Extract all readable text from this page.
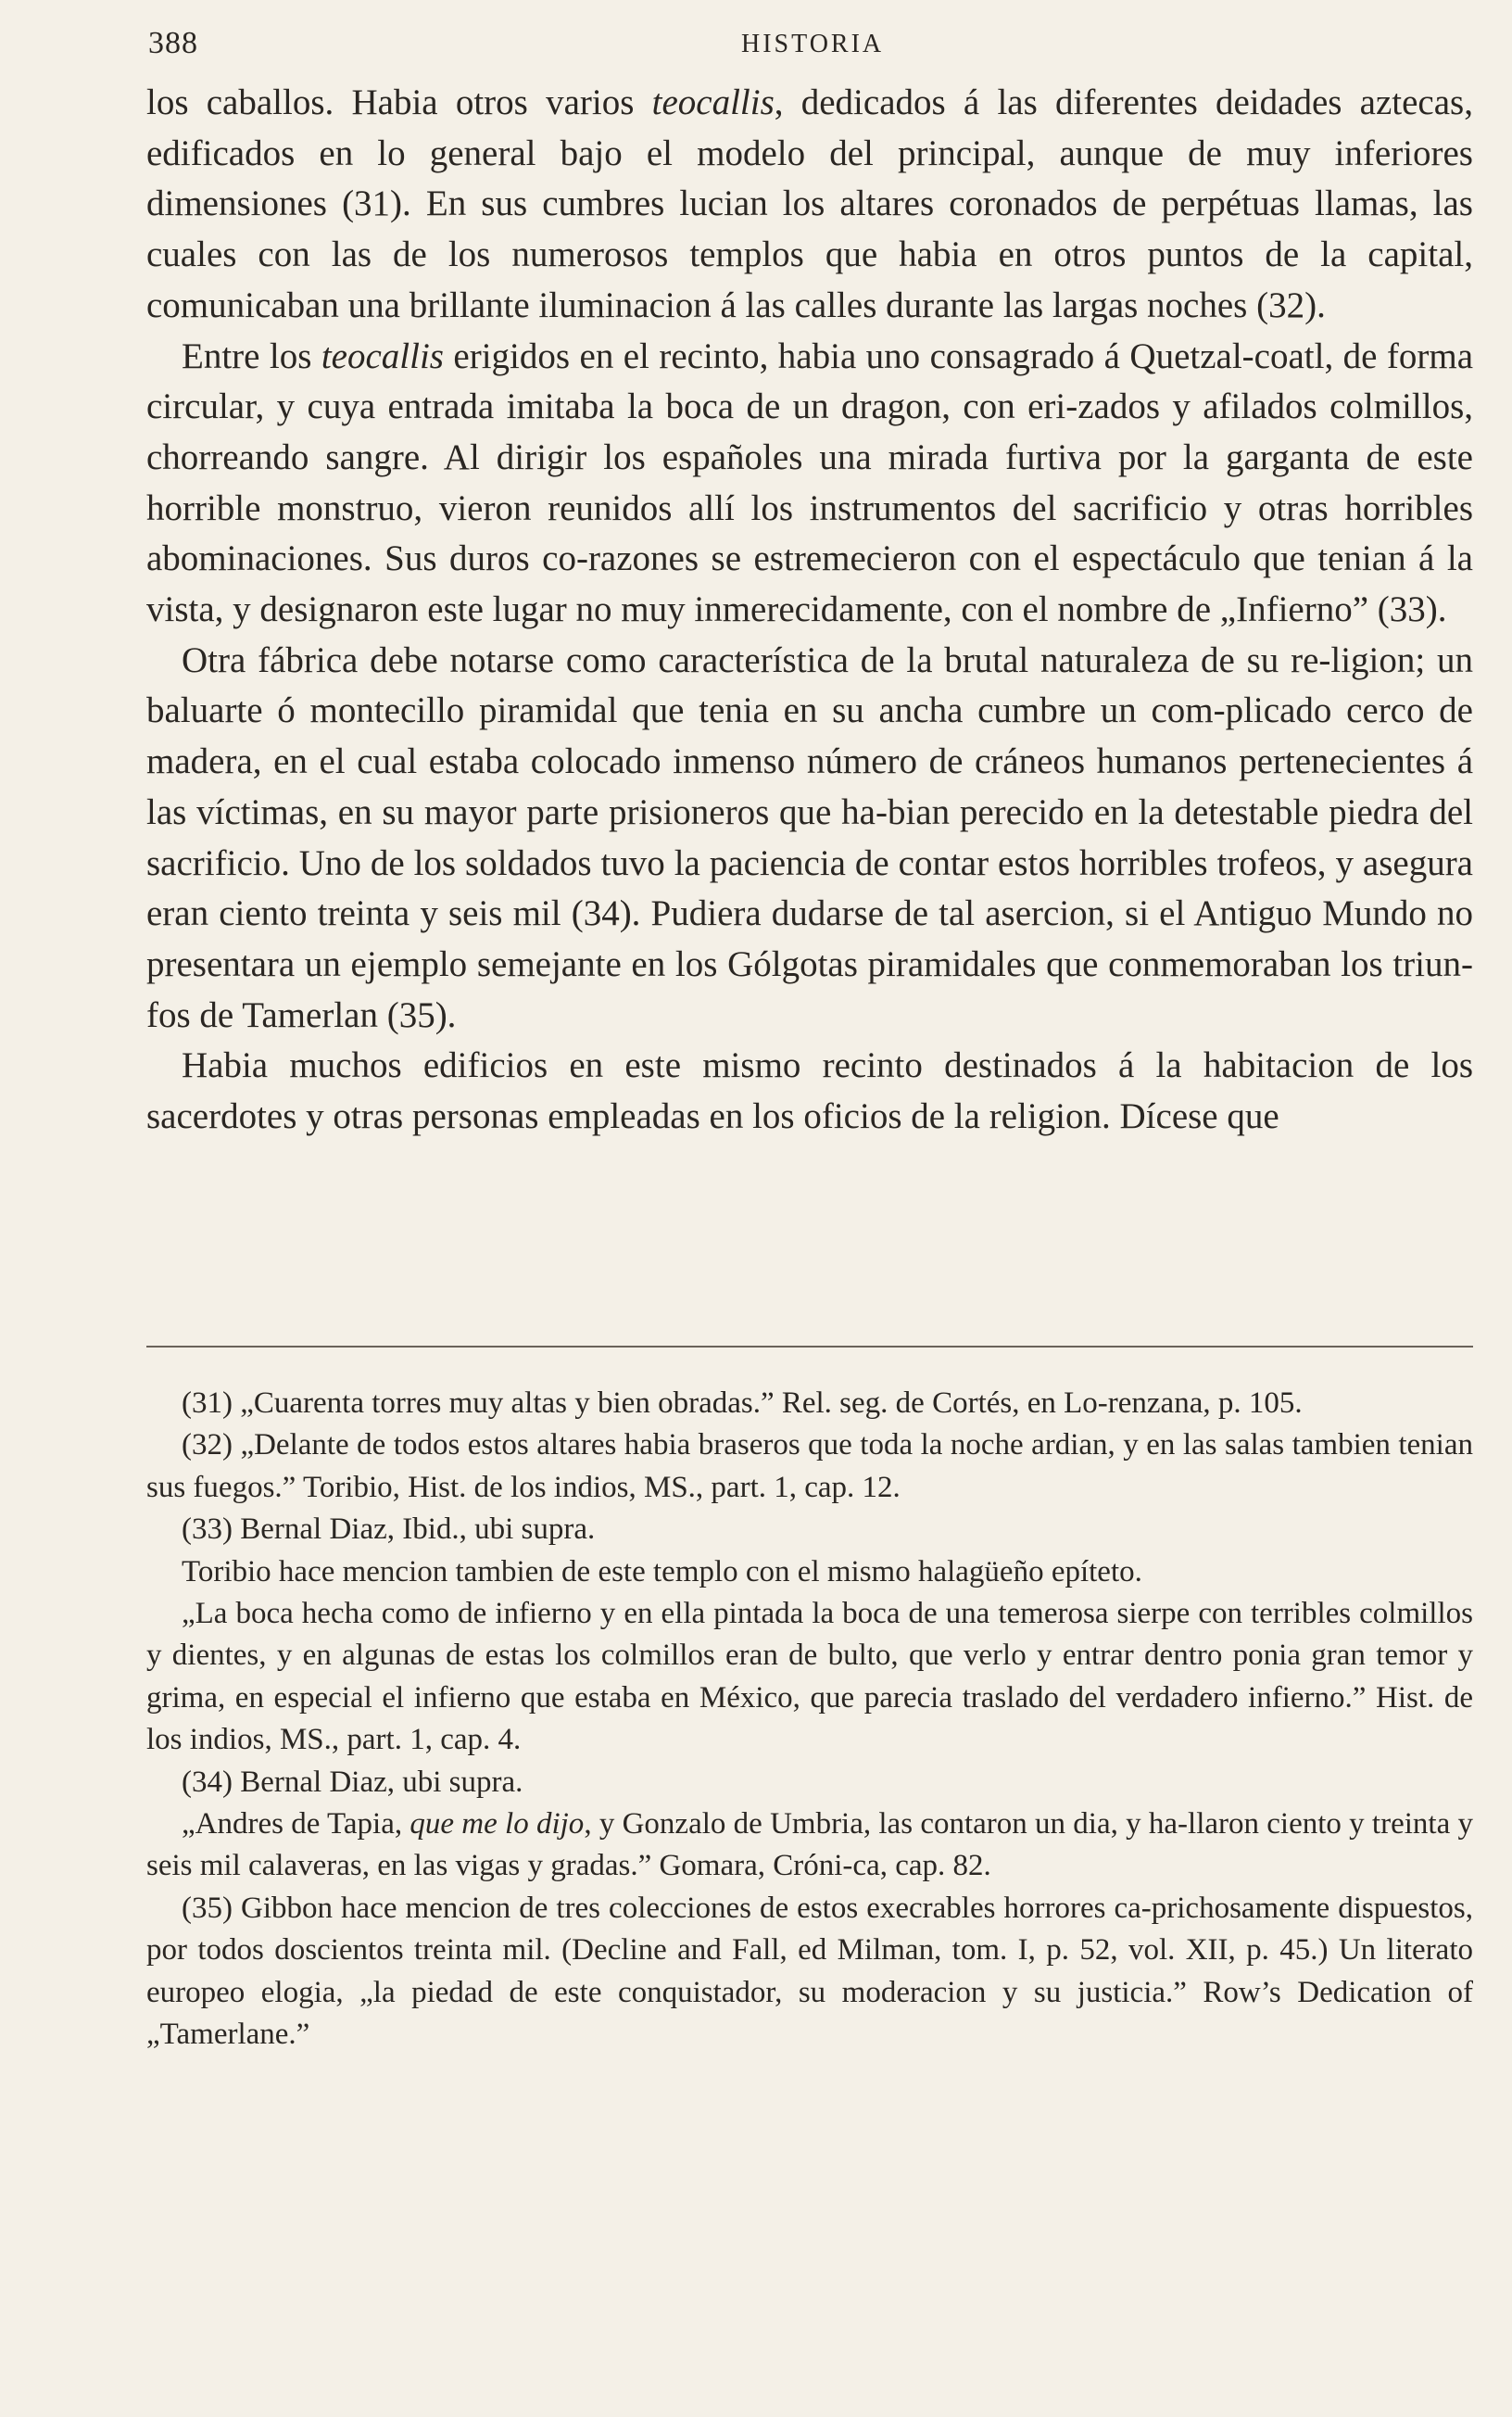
388	HISTORIA

los caballos. Habia otros varios teocallis, dedicados á las diferentes deidades aztecas, edificados en lo general bajo el modelo del principal, aunque de muy inferiores dimensiones (31). En sus cumbres lucian los altares coronados de perpétuas llamas, las cuales con las de los numerosos templos que habia en otros puntos de la capital, comunicaban una brillante iluminacion á las calles durante las largas noches (32).

Entre los teocallis erigidos en el recinto, habia uno consagrado á Quetzal-coatl, de forma circular, y cuya entrada imitaba la boca de un dragon, con eri-zados y afilados colmillos, chorreando sangre. Al dirigir los españoles una mirada furtiva por la garganta de este horrible monstruo, vieron reunidos allí los instrumentos del sacrificio y otras horribles abominaciones. Sus duros co-razones se estremecieron con el espectáculo que tenian á la vista, y designaron este lugar no muy inmerecidamente, con el nombre de „Infierno” (33).

Otra fábrica debe notarse como característica de la brutal naturaleza de su re-ligion; un baluarte ó montecillo piramidal que tenia en su ancha cumbre un com-plicado cerco de madera, en el cual estaba colocado inmenso número de cráneos humanos pertenecientes á las víctimas, en su mayor parte prisioneros que ha-bian perecido en la detestable piedra del sacrificio. Uno de los soldados tuvo la paciencia de contar estos horribles trofeos, y asegura eran ciento treinta y seis mil (34). Pudiera dudarse de tal asercion, si el Antiguo Mundo no presentara un ejemplo semejante en los Gólgotas piramidales que conmemoraban los triun-fos de Tamerlan (35).

Habia muchos edificios en este mismo recinto destinados á la habitacion de los sacerdotes y otras personas empleadas en los oficios de la religion. Dícese que

(31) „Cuarenta torres muy altas y bien obradas.” Rel. seg. de Cortés, en Lo-renzana, p. 105.

(32) „Delante de todos estos altares habia braseros que toda la noche ardian, y en las salas tambien tenian sus fuegos.” Toribio, Hist. de los indios, MS., part. 1, cap. 12.

(33) Bernal Diaz, Ibid., ubi supra.

Toribio hace mencion tambien de este templo con el mismo halagüeño epíteto.

„La boca hecha como de infierno y en ella pintada la boca de una temerosa sierpe con terribles colmillos y dientes, y en algunas de estas los colmillos eran de bulto, que verlo y entrar dentro ponia gran temor y grima, en especial el infierno que estaba en México, que parecia traslado del verdadero infierno.” Hist. de los indios, MS., part. 1, cap. 4.

(34) Bernal Diaz, ubi supra.

„Andres de Tapia, que me lo dijo, y Gonzalo de Umbria, las contaron un dia, y ha-llaron ciento y treinta y seis mil calaveras, en las vigas y gradas.” Gomara, Cróni-ca, cap. 82.

(35) Gibbon hace mencion de tres colecciones de estos execrables horrores ca-prichosamente dispuestos, por todos doscientos treinta mil. (Decline and Fall, ed Milman, tom. I, p. 52, vol. XII, p. 45.) Un literato europeo elogia, „la piedad de este conquistador, su moderacion y su justicia.” Row’s Dedication of „Tamerlane.”
